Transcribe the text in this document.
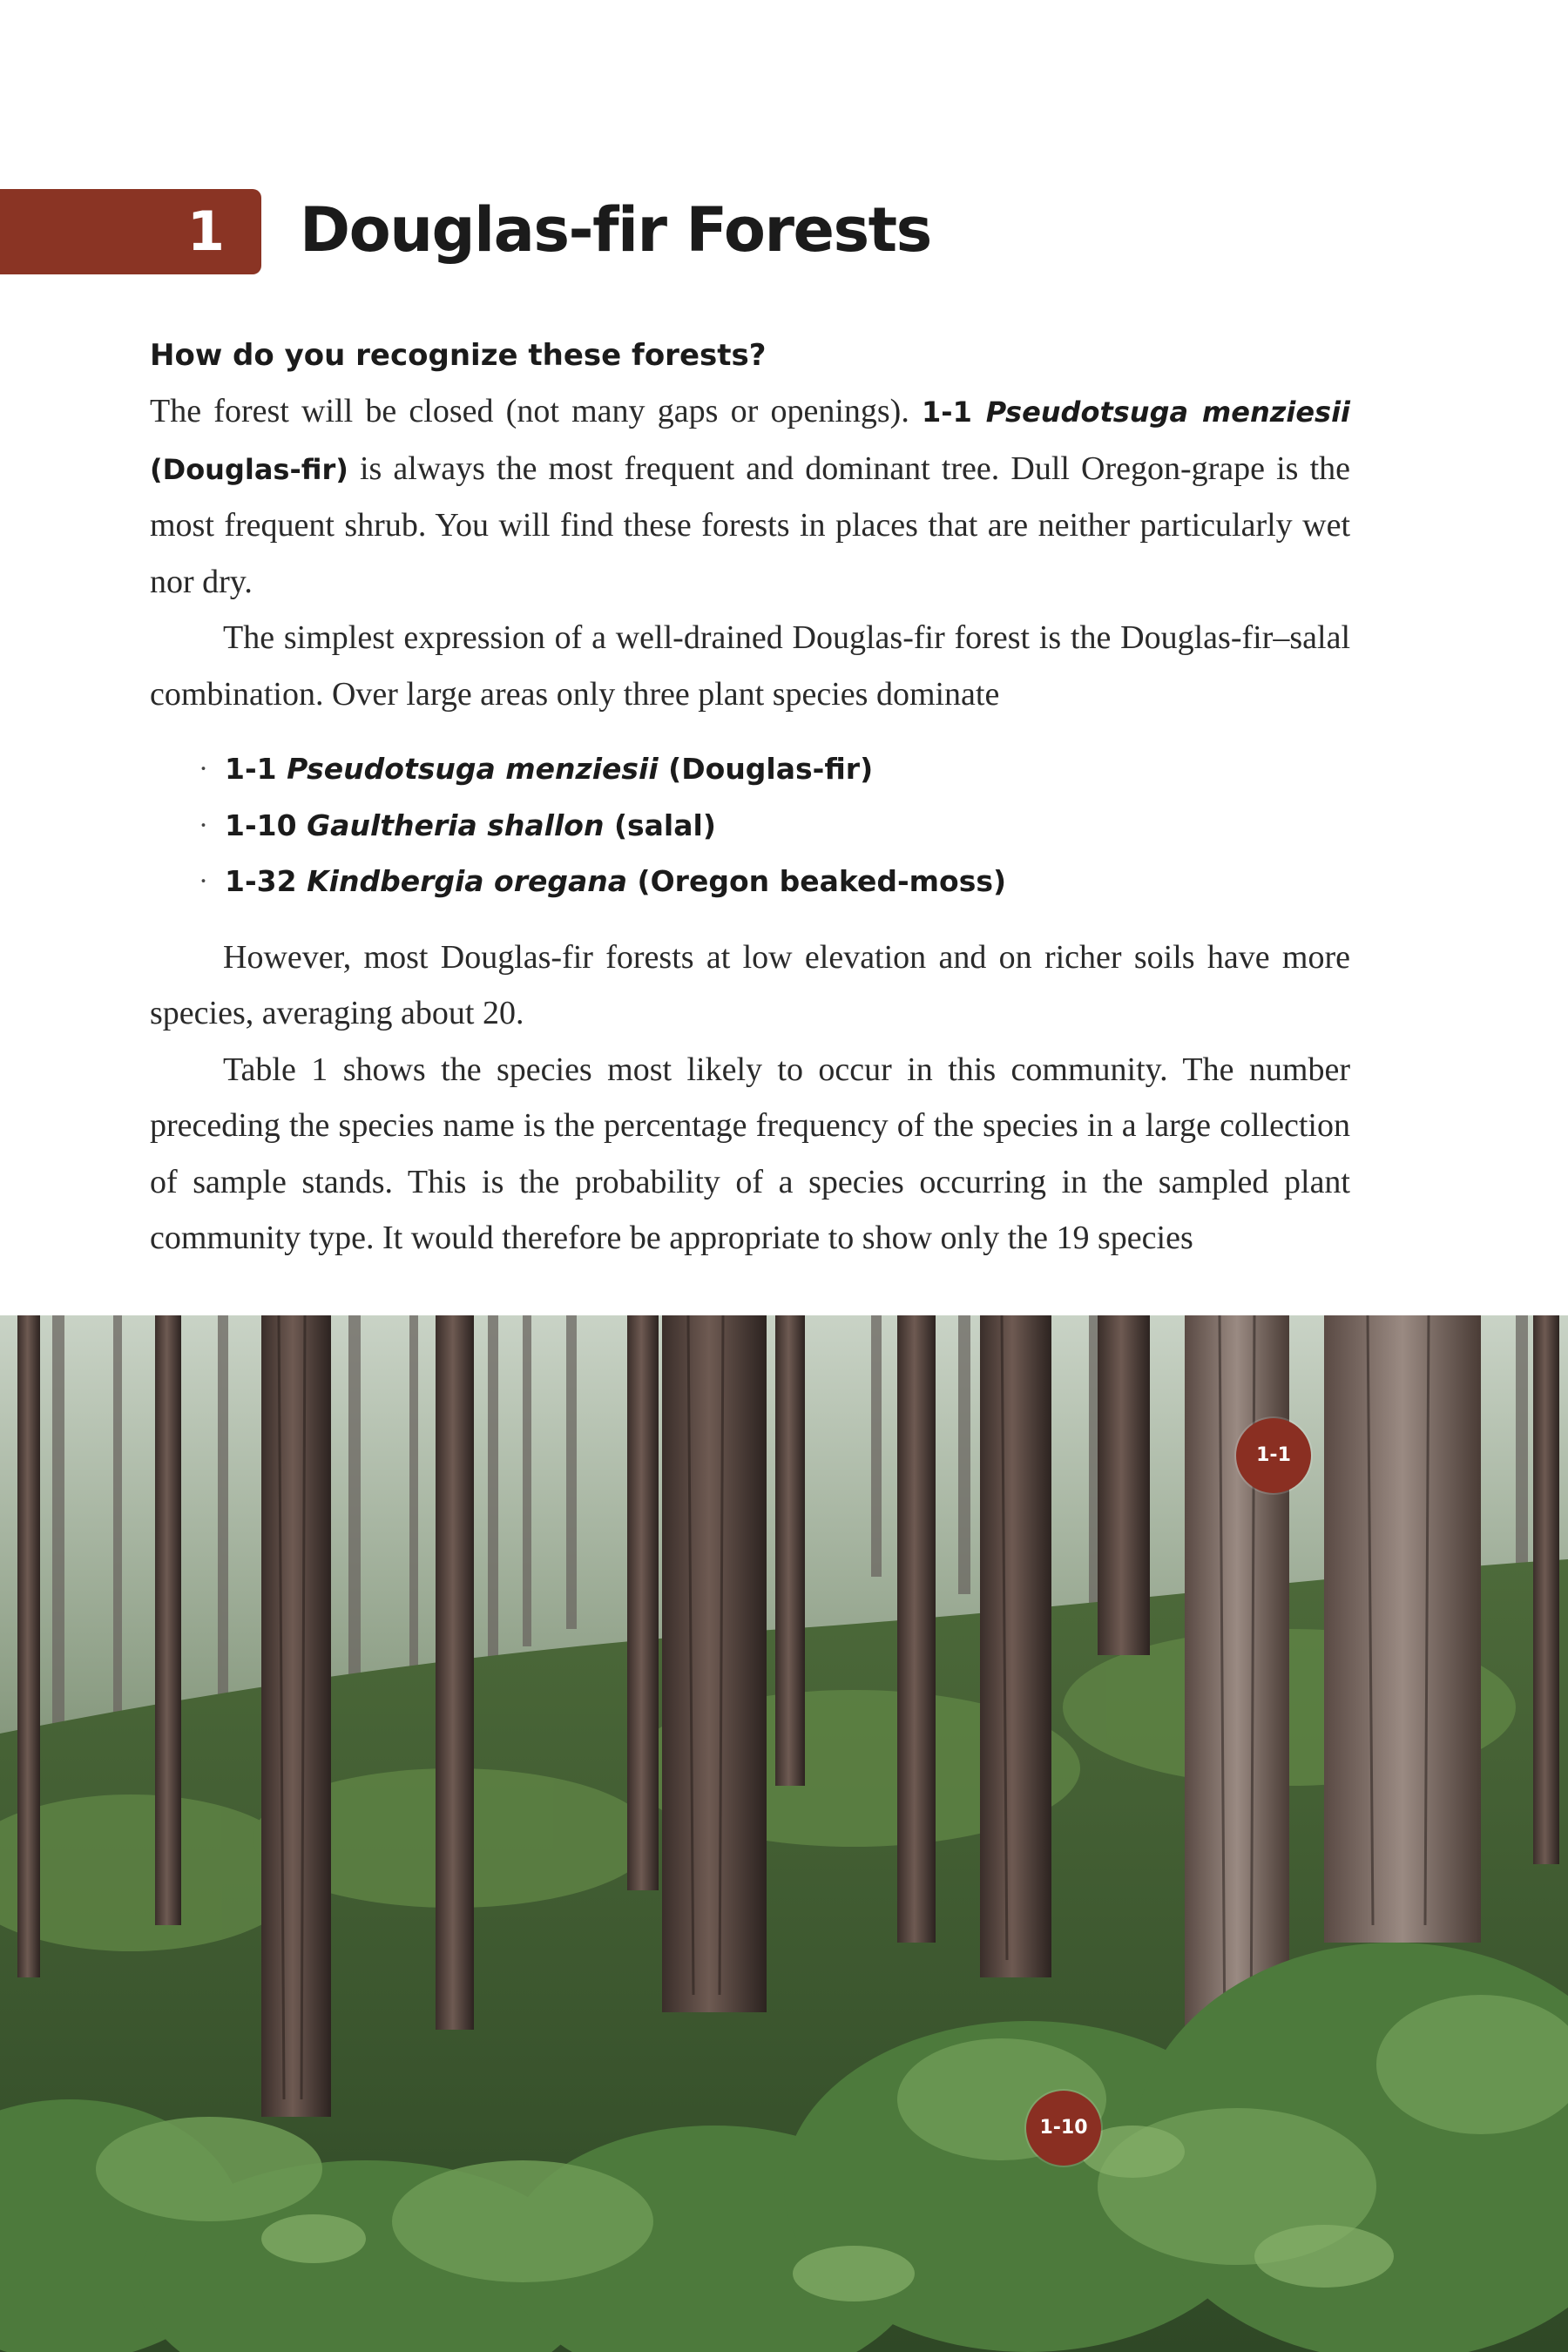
1	Douglas-fir Forests
How do you recognize these forests?

The forest will be closed (not many gaps or openings). 1-1 Pseudotsuga menziesii (Douglas-fir) is always the most frequent and dominant tree. Dull Oregon-grape is the most frequent shrub. You will find these forests in places that are neither particularly wet nor dry.

The simplest expression of a well-drained Douglas-fir forest is the Douglas-fir–salal combination. Over large areas only three plant species dominate

· 1-1 Pseudotsuga menziesii (Douglas-fir)
· 1-10 Gaultheria shallon (salal)
· 1-32 Kindbergia oregana (Oregon beaked-moss)

However, most Douglas-fir forests at low elevation and on richer soils have more species, averaging about 20.

Table 1 shows the species most likely to occur in this community. The number preceding the species name is the percentage frequency of the species in a large collection of sample stands. This is the probability of a species occurring in the sampled plant community type. It would therefore be appropriate to show only the 19 species

1-1
1-10
